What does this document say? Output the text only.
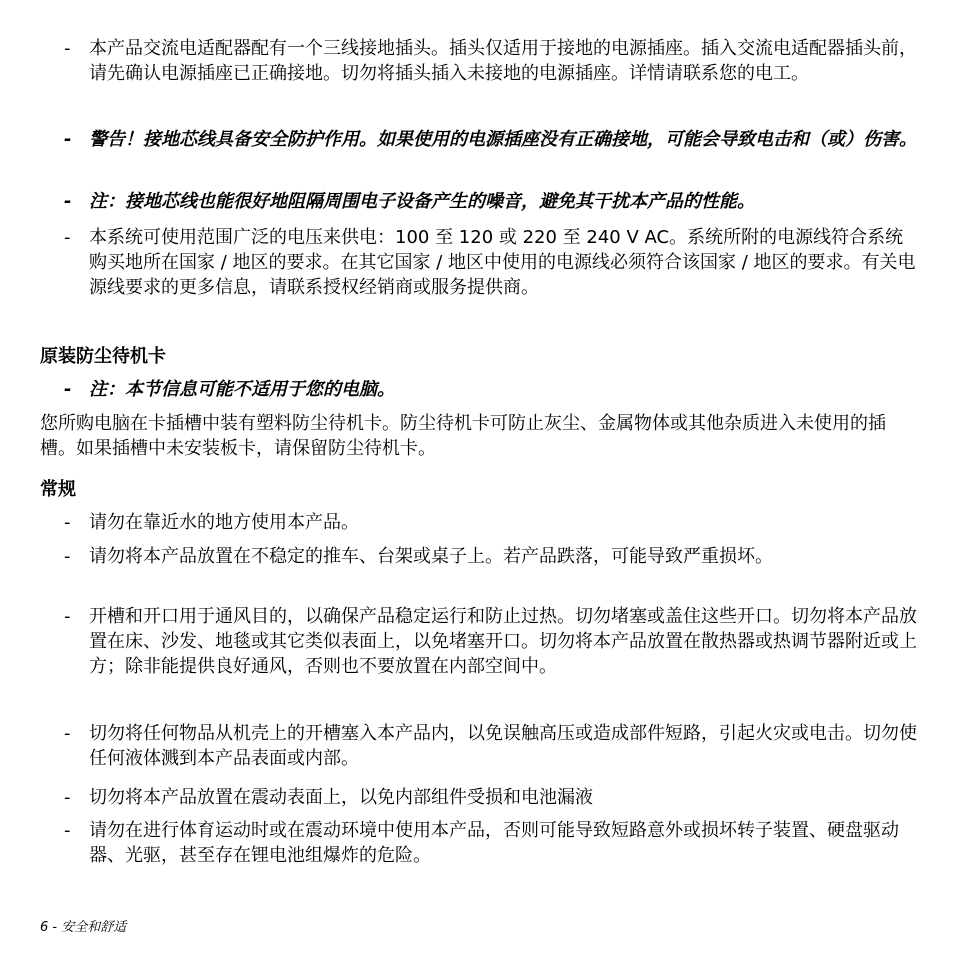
- 本产品交流电适配器配有一个三线接地插头。插头仅适用于接地的电源插座。插入交流电适配器插头前，请先确认电源插座已正确接地。切勿将插头插入未接地的电源插座。详情请联系您的电工。
- 警告！接地芯线具备安全防护作用。如果使用的电源插座没有正确接地，可能会导致电击和（或）伤害。
- 注：接地芯线也能很好地阻隔周围电子设备产生的噪音，避免其干扰本产品的性能。
- 本系统可使用范围广泛的电压来供电：100 至 120 或 220 至 240 V AC。系统所附的电源线符合系统购买地所在国家 / 地区的要求。在其它国家 / 地区中使用的电源线必须符合该国家 / 地区的要求。有关电源线要求的更多信息，请联系授权经销商或服务提供商。
原装防尘待机卡
- 注：本节信息可能不适用于您的电脑。
您所购电脑在卡插槽中装有塑料防尘待机卡。防尘待机卡可防止灰尘、金属物体或其他杂质进入未使用的插槽。如果插槽中未安装板卡，请保留防尘待机卡。
常规
- 请勿在靠近水的地方使用本产品。
- 请勿将本产品放置在不稳定的推车、台架或桌子上。若产品跌落，可能导致严重损坏。
- 开槽和开口用于通风目的，以确保产品稳定运行和防止过热。切勿堵塞或盖住这些开口。切勿将本产品放置在床、沙发、地毯或其它类似表面上，以免堵塞开口。切勿将本产品放置在散热器或热调节器附近或上方；除非能提供良好通风，否则也不要放置在内部空间中。
- 切勿将任何物品从机壳上的开槽塞入本产品内，以免误触高压或造成部件短路，引起火灾或电击。切勿使任何液体溅到本产品表面或内部。
- 切勿将本产品放置在震动表面上，以免内部组件受损和电池漏液
- 请勿在进行体育运动时或在震动环境中使用本产品，否则可能导致短路意外或损坏转子装置、硬盘驱动器、光驱，甚至存在锂电池组爆炸的危险。
6 - 安全和舒适
